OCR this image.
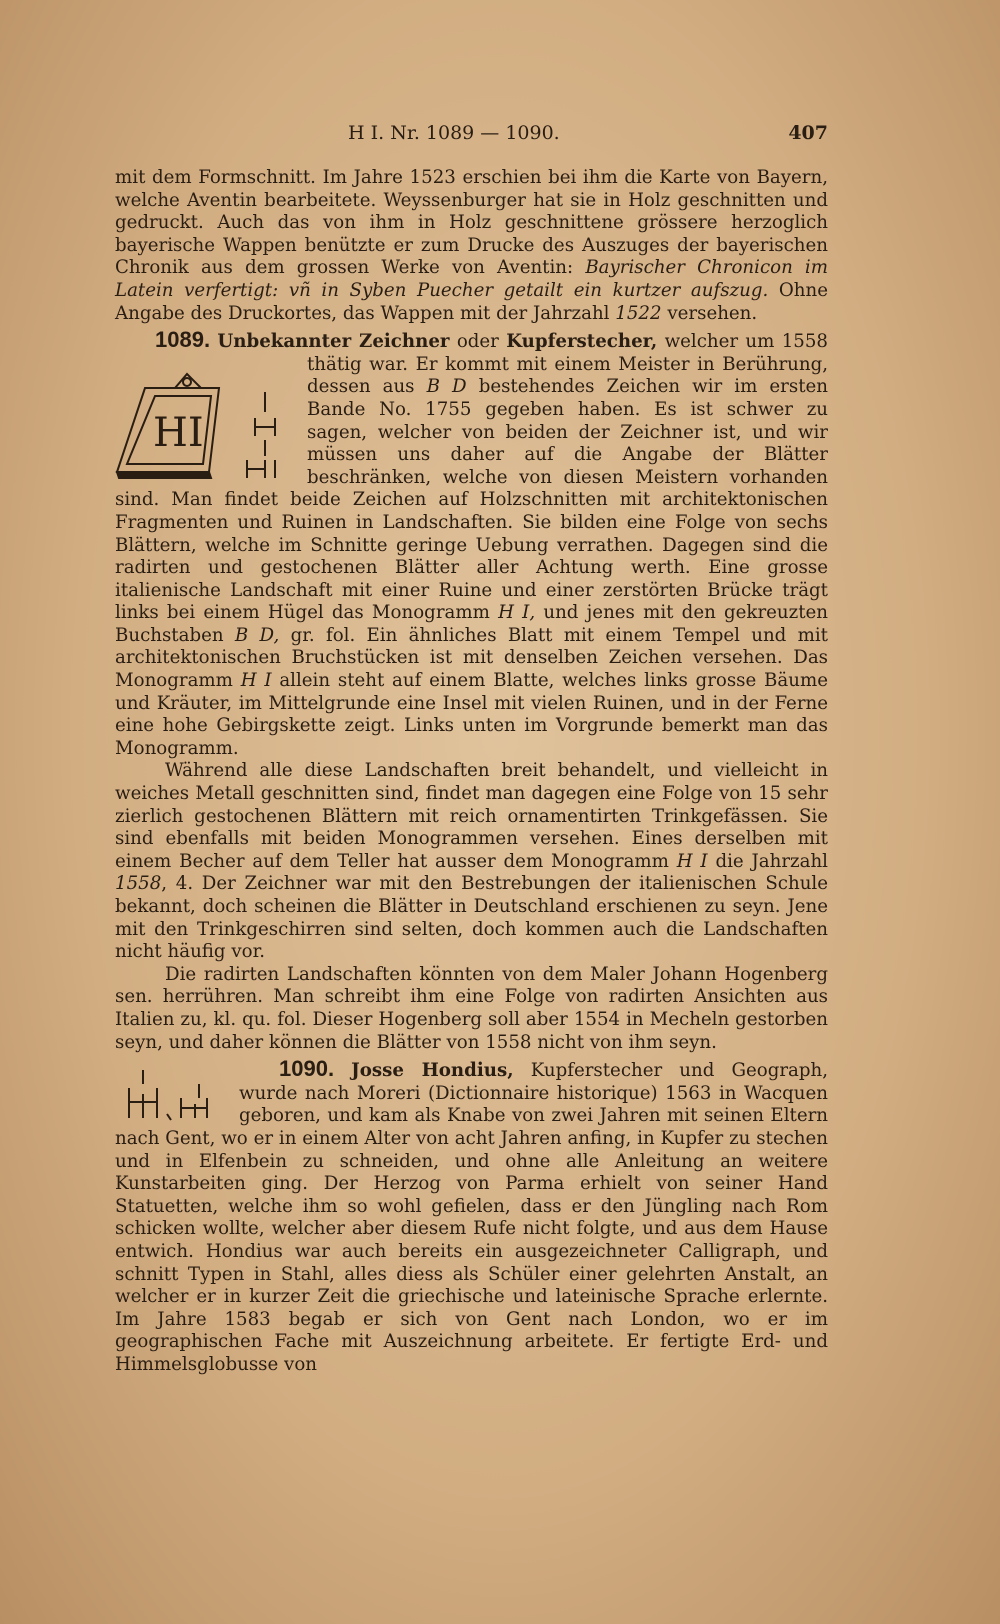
H I. Nr. 1089 — 1090.	407

mit dem Formschnitt. Im Jahre 1523 erschien bei ihm die Karte von Bayern, welche Aventin bearbeitete. Weyssenburger hat sie in Holz geschnitten und gedruckt. Auch das von ihm in Holz geschnittene grössere herzoglich bayerische Wappen benützte er zum Drucke des Auszuges der bayerischen Chronik aus dem grossen Werke von Aventin: Bayrischer Chronicon im Latein verfertigt: vñ in Syben Puecher getailt ein kurtzer aufszug. Ohne Angabe des Druckortes, das Wappen mit der Jahrzahl 1522 versehen.

1089. Unbekannter Zeichner oder Kupferstecher,
HI
welcher um 1558 thätig war. Er kommt mit einem Meister in Berührung, dessen aus B D bestehendes Zeichen wir im ersten Bande No. 1755 gegeben haben. Es ist schwer zu sagen, welcher von beiden der Zeichner ist, und wir müssen uns daher auf die Angabe der Blätter beschränken, welche von diesen Meistern vorhanden sind. Man findet beide Zeichen auf Holzschnitten mit architektonischen Fragmenten und Ruinen in Landschaften. Sie bilden eine Folge von sechs Blättern, welche im Schnitte geringe Uebung verrathen. Dagegen sind die radirten und gestochenen Blätter aller Achtung werth. Eine grosse italienische Landschaft mit einer Ruine und einer zerstörten Brücke trägt links bei einem Hügel das Monogramm H I, und jenes mit den gekreuzten Buchstaben B D, gr. fol. Ein ähnliches Blatt mit einem Tempel und mit architektonischen Bruchstücken ist mit denselben Zeichen versehen. Das Monogramm H I allein steht auf einem Blatte, welches links grosse Bäume und Kräuter, im Mittelgrunde eine Insel mit vielen Ruinen, und in der Ferne eine hohe Gebirgskette zeigt. Links unten im Vorgrunde bemerkt man das Monogramm.

Während alle diese Landschaften breit behandelt, und vielleicht in weiches Metall geschnitten sind, findet man dagegen eine Folge von 15 sehr zierlich gestochenen Blättern mit reich ornamentirten Trinkgefässen. Sie sind ebenfalls mit beiden Monogrammen versehen. Eines derselben mit einem Becher auf dem Teller hat ausser dem Monogramm H I die Jahrzahl 1558, 4. Der Zeichner war mit den Bestrebungen der italienischen Schule bekannt, doch scheinen die Blätter in Deutschland erschienen zu seyn. Jene mit den Trinkgeschirren sind selten, doch kommen auch die Landschaften nicht häufig vor.

Die radirten Landschaften könnten von dem Maler Johann Hogenberg sen. herrühren. Man schreibt ihm eine Folge von radirten Ansichten aus Italien zu, kl. qu. fol. Dieser Hogenberg soll aber 1554 in Mecheln gestorben seyn, und daher können die Blätter von 1558 nicht von ihm seyn.

1090. Josse Hondius, Kupferstecher und Geograph, wurde nach Moreri (Dictionnaire historique) 1563 in Wacquen geboren, und kam als Knabe von zwei Jahren mit seinen Eltern nach Gent, wo er in einem Alter von acht Jahren anfing, in Kupfer zu stechen und in Elfenbein zu schneiden, und ohne alle Anleitung an weitere Kunstarbeiten ging. Der Herzog von Parma erhielt von seiner Hand Statuetten, welche ihm so wohl gefielen, dass er den Jüngling nach Rom schicken wollte, welcher aber diesem Rufe nicht folgte, und aus dem Hause entwich. Hondius war auch bereits ein ausgezeichneter Calligraph, und schnitt Typen in Stahl, alles diess als Schüler einer gelehrten Anstalt, an welcher er in kurzer Zeit die griechische und lateinische Sprache erlernte. Im Jahre 1583 begab er sich von Gent nach London, wo er im geographischen Fache mit Auszeichnung arbeitete. Er fertigte Erd- und Himmelsglobusse von
